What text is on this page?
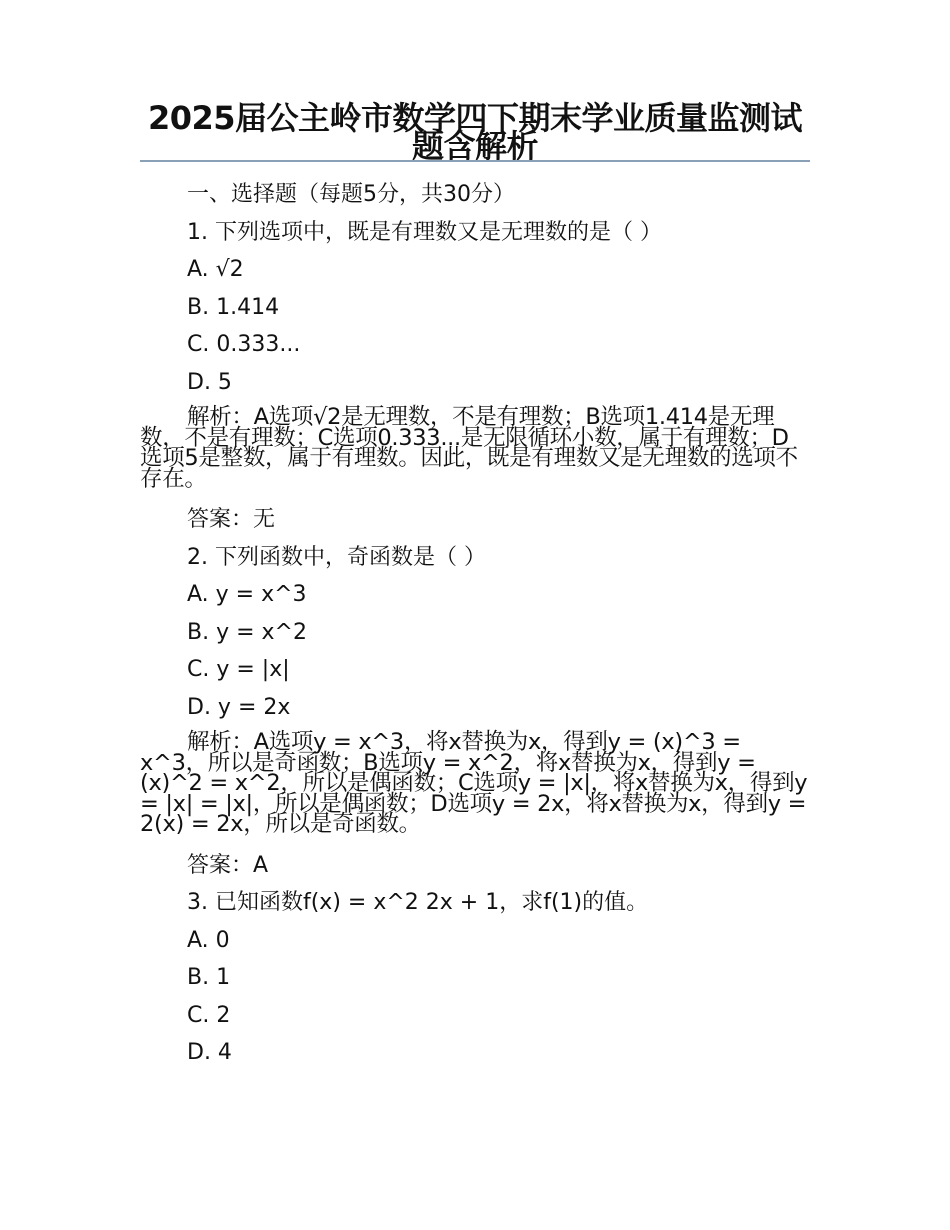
2025届公主岭市数学四下期末学业质量监测试题含解析

一、选择题（每题5分，共30分）

1. 下列选项中，既是有理数又是无理数的是（ ）

A. √2

B. 1.414

C. 0.333...

D. 5

解析：A选项√2是无理数，不是有理数；B选项1.414是无理数，不是有理数；C选项0.333...是无限循环小数，属于有理数；D选项5是整数，属于有理数。因此，既是有理数又是无理数的选项不存在。

答案：无

2. 下列函数中，奇函数是（ ）

A. y = x^3

B. y = x^2

C. y = |x|

D. y = 2x

解析：A选项y = x^3，将x替换为x，得到y = (x)^3 = x^3，所以是奇函数；B选项y = x^2，将x替换为x，得到y = (x)^2 = x^2，所以是偶函数；C选项y = |x|，将x替换为x，得到y = |x| = |x|，所以是偶函数；D选项y = 2x，将x替换为x，得到y = 2(x) = 2x，所以是奇函数。

答案：A

3. 已知函数f(x) = x^2 2x + 1，求f(1)的值。

A. 0

B. 1

C. 2

D. 4
